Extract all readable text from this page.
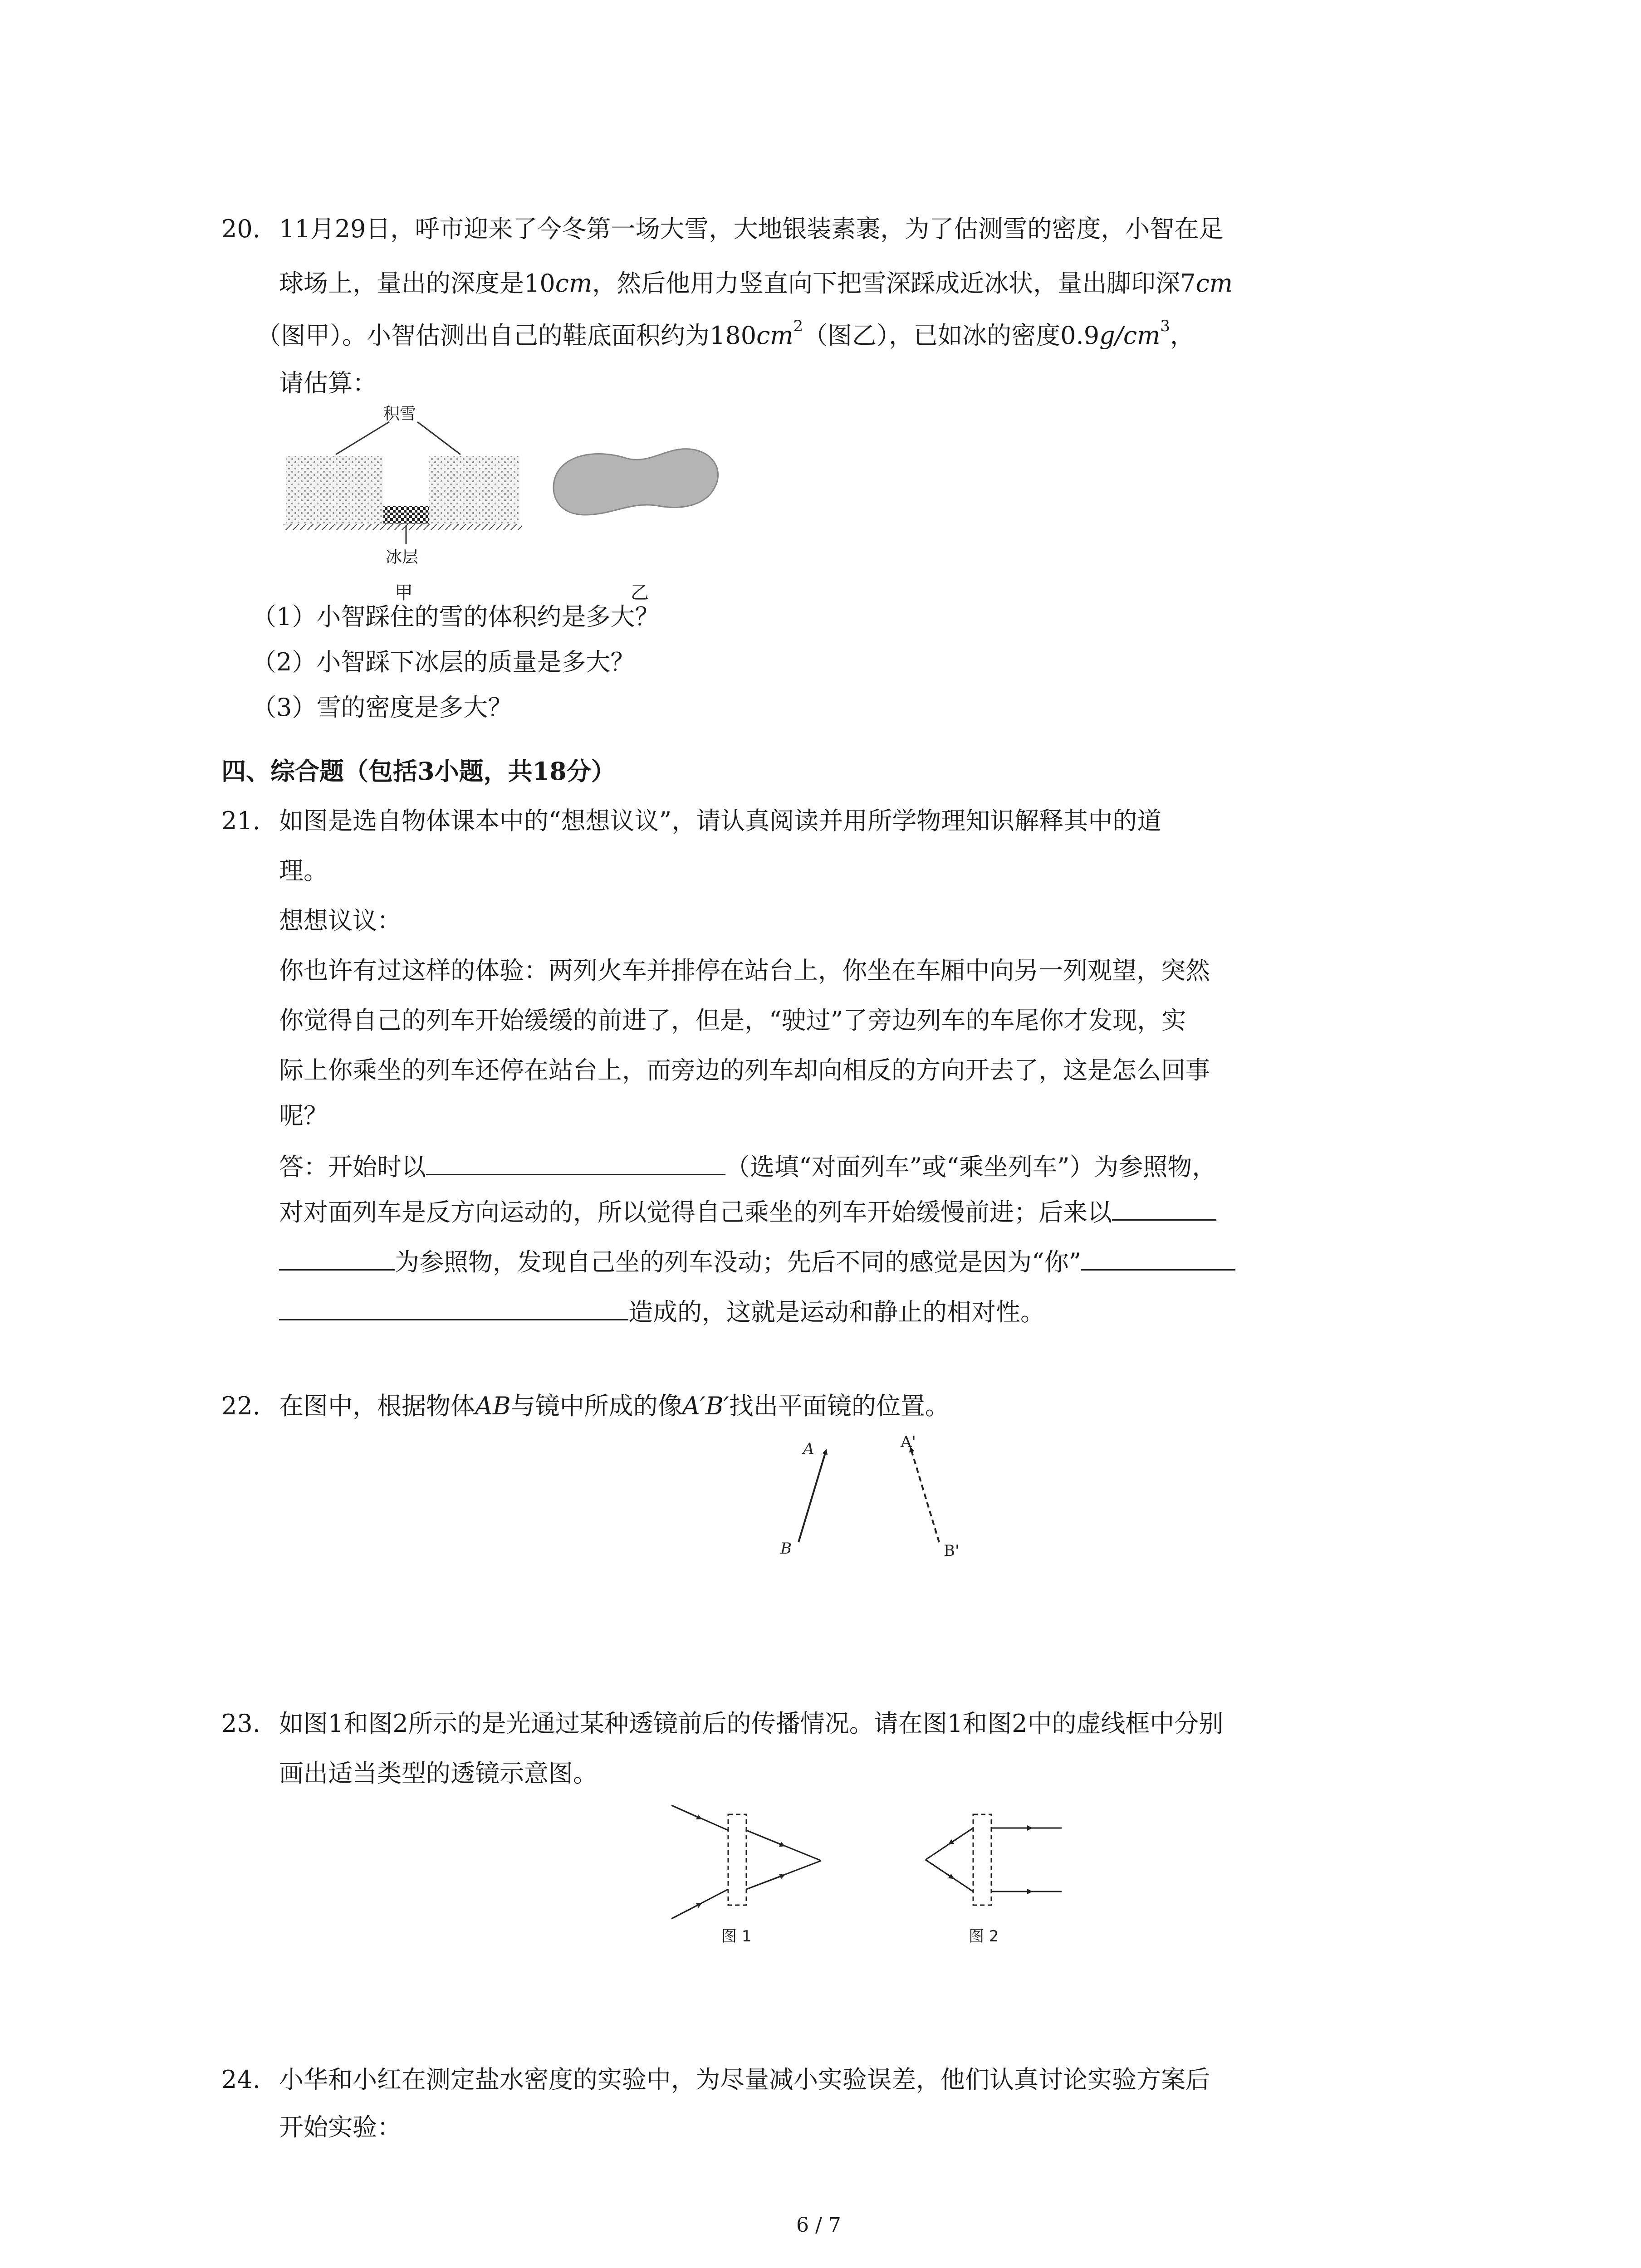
20. 11月29日，呼市迎来了今冬第一场大雪，大地银装素裹，为了估测雪的密度，小智在足
球场上，量出的深度是10cm，然后他用力竖直向下把雪深踩成近冰状，量出脚印深7cm
（图甲）。小智估测出自己的鞋底面积约为$180cm^2$（图乙），已如冰的密度$0.9g/cm^3$，
请估算：
积雪
冰层
甲	乙
（1）小智踩住的雪的体积约是多大？
（2）小智踩下冰层的质量是多大？
（3）雪的密度是多大？
四、综合题（包括3小题，共18分）
21. 如图是选自物体课本中的“想想议议”，请认真阅读并用所学物理知识解释其中的道
理。
想想议议：
你也许有过这样的体验：两列火车并排停在站台上，你坐在车厢中向另一列观望，突然
你觉得自己的列车开始缓缓的前进了，但是，“驶过”了旁边列车的车尾你才发现，实
际上你乘坐的列车还停在站台上，而旁边的列车却向相反的方向开去了，这是怎么回事
呢？
答：开始时以	（选填“对面列车”或“乘坐列车”）为参照物，
对对面列车是反方向运动的，所以觉得自己乘坐的列车开始缓慢前进；后来以
为参照物，发现自己坐的列车没动；先后不同的感觉是因为“你”
造成的，这就是运动和静止的相对性。
22. 在图中，根据物体AB与镜中所成的像A′B′找出平面镜的位置。
A
B
A'
B'
23. 如图1和图2所示的是光通过某种透镜前后的传播情况。请在图1和图2中的虚线框中分别
画出适当类型的透镜示意图。
图 1	图 2
24. 小华和小红在测定盐水密度的实验中，为尽量减小实验误差，他们认真讨论实验方案后
开始实验：
6 / 7
